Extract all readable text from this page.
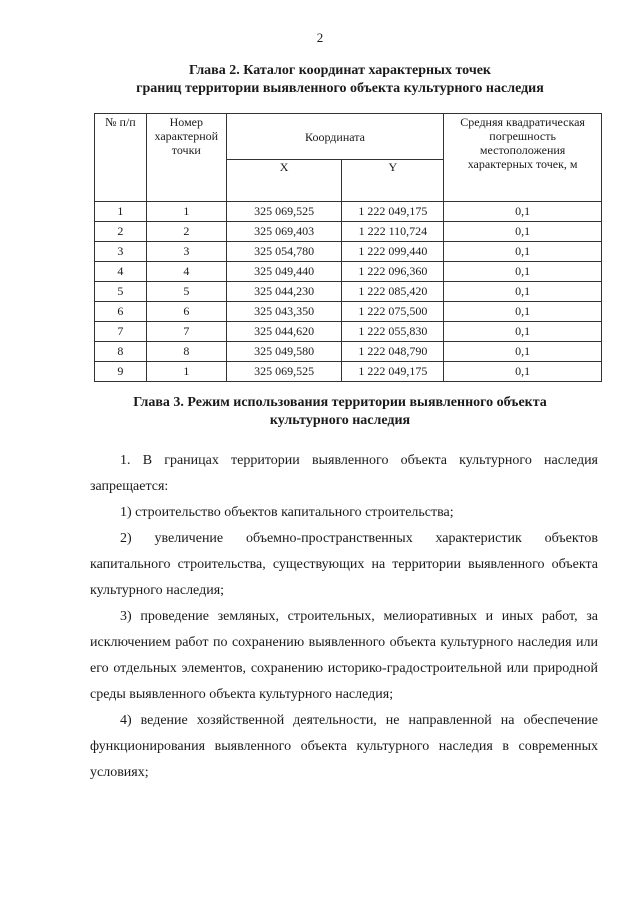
2
Глава 2. Каталог координат характерных точек
границ территории выявленного объекта культурного наследия
№ п/п	Номер характерной точки	Координата		Средняя квадратическая погрешность местоположения характерных точек, м
		X	Y	
1	1	325 069,525	1 222 049,175	0,1
2	2	325 069,403	1 222 110,724	0,1
3	3	325 054,780	1 222 099,440	0,1
4	4	325 049,440	1 222 096,360	0,1
5	5	325 044,230	1 222 085,420	0,1
6	6	325 043,350	1 222 075,500	0,1
7	7	325 044,620	1 222 055,830	0,1
8	8	325 049,580	1 222 048,790	0,1
9	1	325 069,525	1 222 049,175	0,1
Глава 3. Режим использования территории выявленного объекта
культурного наследия

1. В границах территории выявленного объекта культурного наследия запрещается:

1) строительство объектов капитального строительства;

2) увеличение объемно-пространственных характеристик объектов капитального строительства, существующих на территории выявленного объекта культурного наследия;

3) проведение земляных, строительных, мелиоративных и иных работ, за исключением работ по сохранению выявленного объекта культурного наследия или его отдельных элементов, сохранению историко-градостроительной или природной среды выявленного объекта культурного наследия;

4) ведение хозяйственной деятельности, не направленной на обеспечение функционирования выявленного объекта культурного наследия в современных условиях;
